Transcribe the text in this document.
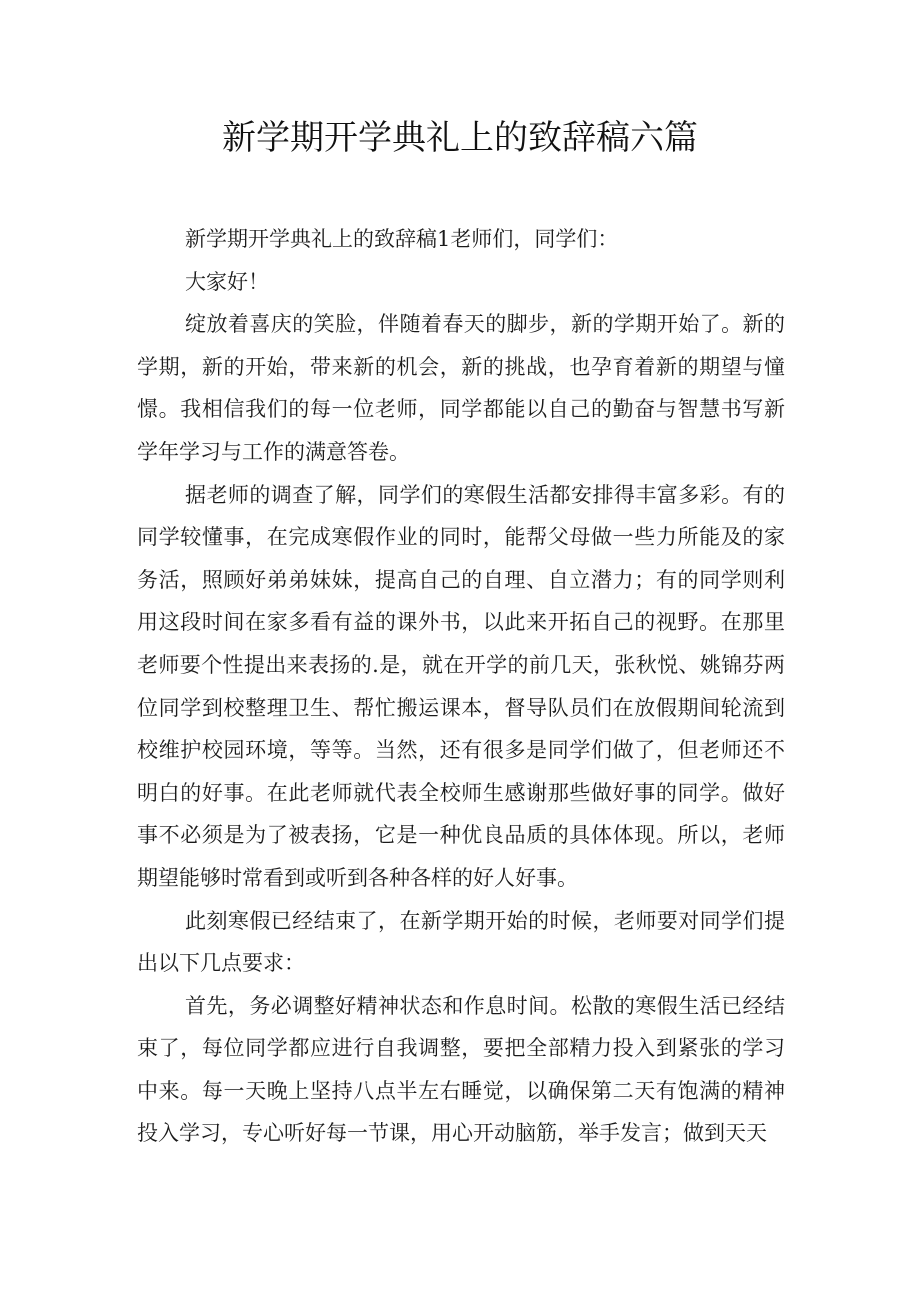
新学期开学典礼上的致辞稿六篇

新学期开学典礼上的致辞稿1老师们，同学们：

大家好！

绽放着喜庆的笑脸，伴随着春天的脚步，新的学期开始了。新的学期，新的开始，带来新的机会，新的挑战，也孕育着新的期望与憧憬。我相信我们的每一位老师，同学都能以自己的勤奋与智慧书写新学年学习与工作的满意答卷。

据老师的调查了解，同学们的寒假生活都安排得丰富多彩。有的同学较懂事，在完成寒假作业的同时，能帮父母做一些力所能及的家务活，照顾好弟弟妹妹，提高自己的自理、自立潜力；有的同学则利用这段时间在家多看有益的课外书，以此来开拓自己的视野。在那里老师要个性提出来表扬的.是，就在开学的前几天，张秋悦、姚锦芬两位同学到校整理卫生、帮忙搬运课本，督导队员们在放假期间轮流到校维护校园环境，等等。当然，还有很多是同学们做了，但老师还不明白的好事。在此老师就代表全校师生感谢那些做好事的同学。做好事不必须是为了被表扬，它是一种优良品质的具体体现。所以，老师期望能够时常看到或听到各种各样的好人好事。

此刻寒假已经结束了，在新学期开始的时候，老师要对同学们提出以下几点要求：

首先，务必调整好精神状态和作息时间。松散的寒假生活已经结束了，每位同学都应进行自我调整，要把全部精力投入到紧张的学习中来。每一天晚上坚持八点半左右睡觉，以确保第二天有饱满的精神投入学习，专心听好每一节课，用心开动脑筋，举手发言；做到天天
